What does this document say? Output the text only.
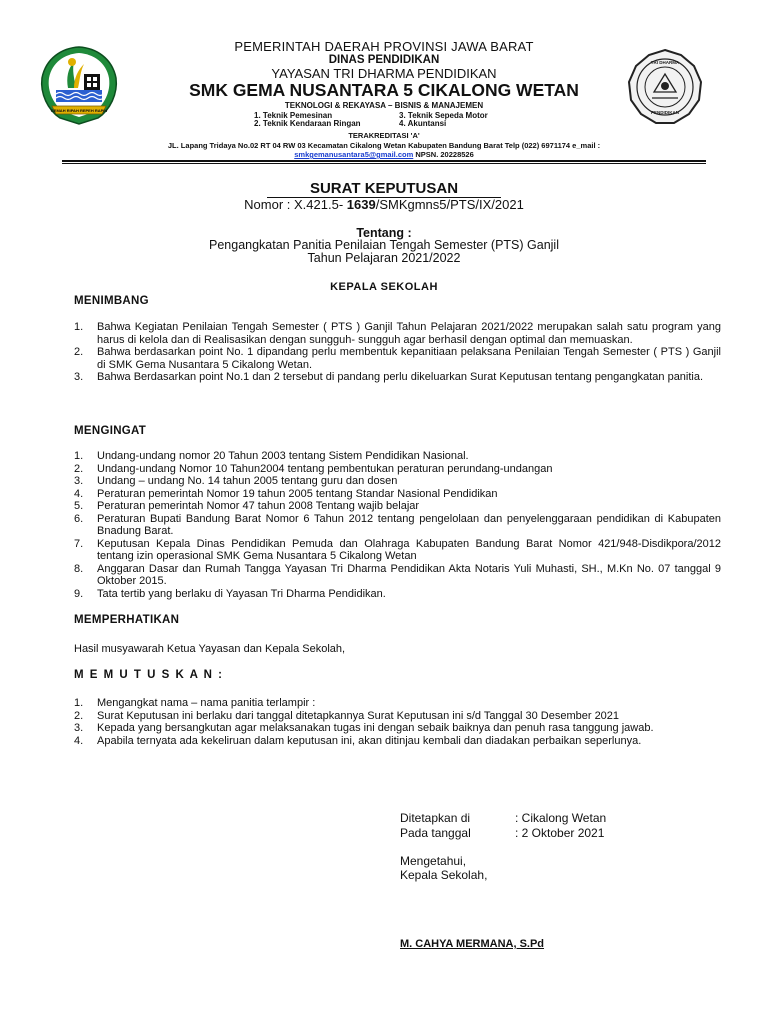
GEMAH RIPAH REPEH RAPIH
TRI DHARMA
PENDIDIKAN
PEMERINTAH DAERAH PROVINSI JAWA BARAT
DINAS PENDIDIKAN
YAYASAN TRI DHARMA PENDIDIKAN
SMK GEMA NUSANTARA 5 CIKALONG WETAN
TEKNOLOGI & REKAYASA – BISNIS & MANAJEMEN
1. Teknik Pemesinan	3. Teknik Sepeda Motor
2. Teknik Kendaraan Ringan	4. Akuntansi
TERAKREDITASI 'A'
JL. Lapang Tridaya No.02 RT 04 RW 03 Kecamatan Cikalong Wetan Kabupaten Bandung Barat Telp (022) 6971174 e_mail :
smkgemanusantara5@gmail.com NPSN. 20228526
SURAT KEPUTUSAN
Nomor : X.421.5- 1639/SMKgmns5/PTS/IX/2021
Tentang :
Pengangkatan Panitia Penilaian Tengah Semester (PTS) Ganjil
Tahun Pelajaran 2021/2022
KEPALA SEKOLAH
MENIMBANG
1.	Bahwa Kegiatan Penilaian Tengah Semester ( PTS ) Ganjil Tahun Pelajaran 2021/2022 merupakan salah satu program yang harus di kelola dan di Realisasikan dengan sungguh- sungguh agar berhasil dengan optimal dan memuaskan.
2.	Bahwa berdasarkan point No. 1 dipandang perlu membentuk kepanitiaan pelaksana Penilaian Tengah Semester ( PTS ) Ganjil di SMK Gema Nusantara 5 Cikalong Wetan.
3.	Bahwa Berdasarkan point No.1 dan 2 tersebut di pandang perlu dikeluarkan Surat Keputusan tentang pengangkatan panitia.
MENGINGAT
1.	Undang-undang nomor 20 Tahun 2003 tentang Sistem Pendidikan Nasional.
2.	Undang-undang Nomor 10 Tahun2004 tentang pembentukan peraturan perundang-undangan
3.	Undang – undang No. 14 tahun 2005 tentang guru dan dosen
4.	Peraturan pemerintah Nomor 19 tahun 2005 tentang Standar Nasional Pendidikan
5.	Peraturan pemerintah Nomor 47 tahun 2008 Tentang wajib belajar
6.	Peraturan Bupati Bandung Barat Nomor 6 Tahun 2012 tentang pengelolaan dan penyelenggaraan pendidikan di Kabupaten Bnadung Barat.
7.	Keputusan Kepala Dinas Pendidikan Pemuda dan Olahraga Kabupaten Bandung Barat Nomor 421/948-Disdikpora/2012 tentang izin operasional SMK Gema Nusantara 5 Cikalong Wetan
8.	Anggaran Dasar dan Rumah Tangga Yayasan Tri Dharma Pendidikan Akta Notaris Yuli Muhasti, SH., M.Kn No. 07 tanggal 9 Oktober 2015.
9.	Tata tertib yang berlaku di Yayasan Tri Dharma Pendidikan.
MEMPERHATIKAN
Hasil musyawarah Ketua Yayasan dan Kepala Sekolah,
M E M U T U S K A N :
1.	Mengangkat nama – nama panitia terlampir :
2.	Surat Keputusan ini berlaku dari tanggal ditetapkannya Surat Keputusan ini s/d Tanggal 30 Desember 2021
3.	Kepada yang bersangkutan agar melaksanakan tugas ini dengan sebaik baiknya dan penuh rasa tanggung jawab.
4.	Apabila ternyata ada kekeliruan dalam keputusan ini, akan ditinjau kembali dan diadakan perbaikan seperlunya.
Ditetapkan di	: Cikalong Wetan
Pada tanggal	: 2 Oktober 2021
Mengetahui,
Kepala Sekolah,
M. CAHYA MERMANA, S.Pd
